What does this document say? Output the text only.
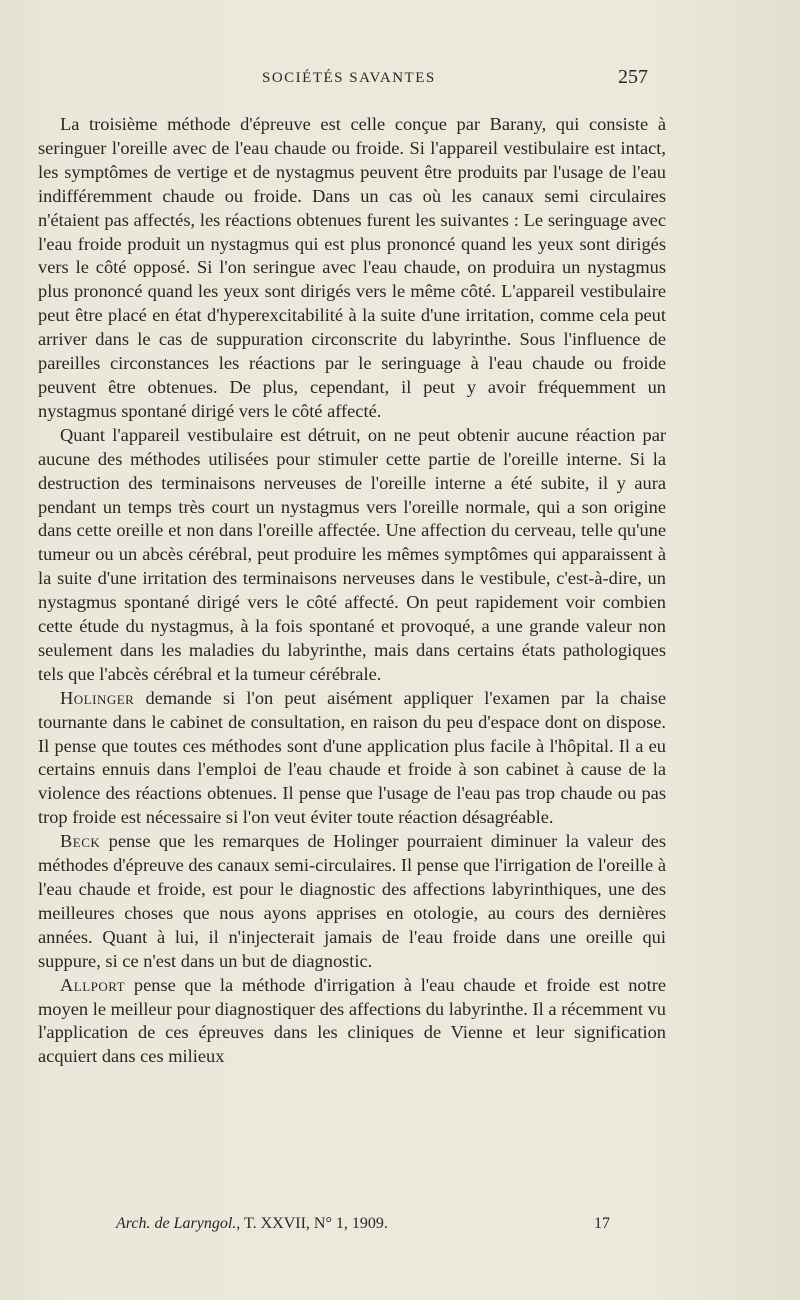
SOCIÉTÉS SAVANTES	257

La troisième méthode d'épreuve est celle conçue par Barany, qui consiste à seringuer l'oreille avec de l'eau chaude ou froide. Si l'appareil vestibulaire est intact, les symptômes de vertige et de nystagmus peuvent être produits par l'usage de l'eau indifféremment chaude ou froide. Dans un cas où les canaux semi circulaires n'étaient pas affectés, les réactions obtenues furent les suivantes : Le seringuage avec l'eau froide produit un nystagmus qui est plus prononcé quand les yeux sont dirigés vers le côté opposé. Si l'on seringue avec l'eau chaude, on produira un nystagmus plus prononcé quand les yeux sont dirigés vers le même côté. L'appareil vestibulaire peut être placé en état d'hyperexcitabilité à la suite d'une irritation, comme cela peut arriver dans le cas de suppuration circonscrite du labyrinthe. Sous l'influence de pareilles circonstances les réactions par le seringuage à l'eau chaude ou froide peuvent être obtenues. De plus, cependant, il peut y avoir fréquemment un nystagmus spontané dirigé vers le côté affecté.

Quant l'appareil vestibulaire est détruit, on ne peut obtenir aucune réaction par aucune des méthodes utilisées pour stimuler cette partie de l'oreille interne. Si la destruction des terminaisons nerveuses de l'oreille interne a été subite, il y aura pendant un temps très court un nystagmus vers l'oreille normale, qui a son origine dans cette oreille et non dans l'oreille affectée. Une affection du cerveau, telle qu'une tumeur ou un abcès cérébral, peut produire les mêmes symptômes qui apparaissent à la suite d'une irritation des terminaisons nerveuses dans le vestibule, c'est-à-dire, un nystagmus spontané dirigé vers le côté affecté. On peut rapidement voir combien cette étude du nystagmus, à la fois spontané et provoqué, a une grande valeur non seulement dans les maladies du labyrinthe, mais dans certains états pathologiques tels que l'abcès cérébral et la tumeur cérébrale.

Holinger demande si l'on peut aisément appliquer l'examen par la chaise tournante dans le cabinet de consultation, en raison du peu d'espace dont on dispose. Il pense que toutes ces méthodes sont d'une application plus facile à l'hôpital. Il a eu certains ennuis dans l'emploi de l'eau chaude et froide à son cabinet à cause de la violence des réactions obtenues. Il pense que l'usage de l'eau pas trop chaude ou pas trop froide est nécessaire si l'on veut éviter toute réaction désagréable.

Beck pense que les remarques de Holinger pourraient diminuer la valeur des méthodes d'épreuve des canaux semi-circulaires. Il pense que l'irrigation de l'oreille à l'eau chaude et froide, est pour le diagnostic des affections labyrinthiques, une des meilleures choses que nous ayons apprises en otologie, au cours des dernières années. Quant à lui, il n'injecterait jamais de l'eau froide dans une oreille qui suppure, si ce n'est dans un but de diagnostic.

Allport pense que la méthode d'irrigation à l'eau chaude et froide est notre moyen le meilleur pour diagnostiquer des affections du labyrinthe. Il a récemment vu l'application de ces épreuves dans les cliniques de Vienne et leur signification acquiert dans ces milieux

Arch. de Laryngol., T. XXVII, N° 1, 1909.	17
